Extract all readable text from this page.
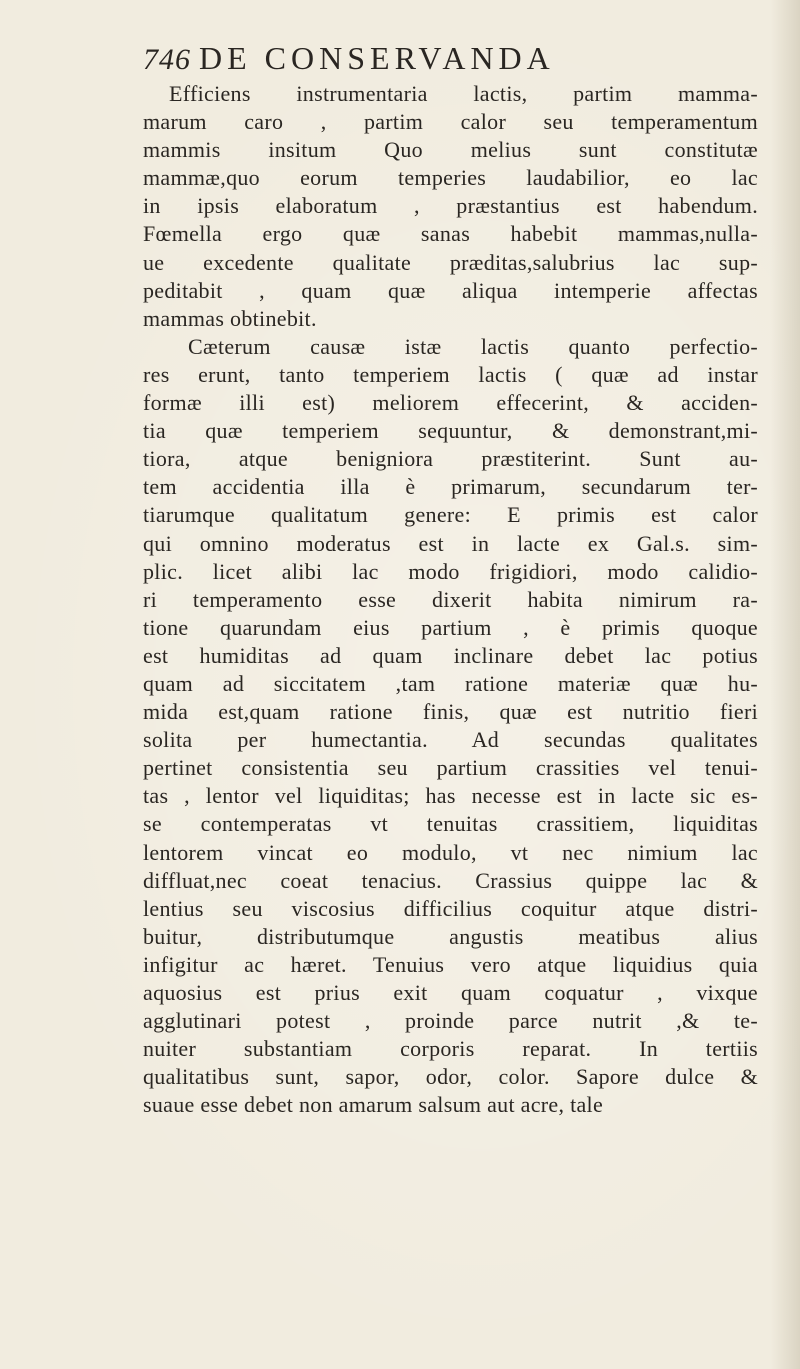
746 DE CONSERVANDA
Efficiens instrumentaria lactis, partim mamma-
marum caro , partim calor seu temperamentum
mammis insitum Quo melius sunt constitutæ
mammæ,quo eorum temperies laudabilior, eo lac
in ipsis elaboratum , præstantius est habendum.
Fœmella ergo quæ sanas habebit mammas,nulla-
ue excedente qualitate præditas,salubrius lac sup-
peditabit , quam quæ aliqua intemperie affectas
mammas obtinebit.
Cæterum causæ istæ lactis quanto perfectio-
res erunt, tanto temperiem lactis ( quæ ad instar
formæ illi est) meliorem effecerint, & acciden-
tia quæ temperiem sequuntur, & demonstrant,mi-
tiora, atque benigniora præstiterint. Sunt au-
tem accidentia illa è primarum, secundarum ter-
tiarumque qualitatum genere: E primis est calor
qui omnino moderatus est in lacte ex Gal.s. sim-
plic. licet alibi lac modo frigidiori, modo calidio-
ri temperamento esse dixerit habita nimirum ra-
tione quarundam eius partium , è primis quoque
est humiditas ad quam inclinare debet lac potius
quam ad siccitatem ,tam ratione materiæ quæ hu-
mida est,quam ratione finis, quæ est nutritio fieri
solita per humectantia. Ad secundas qualitates
pertinet consistentia seu partium crassities vel tenui-
tas , lentor vel liquiditas; has necesse est in lacte sic es-
se contemperatas vt tenuitas crassitiem, liquiditas
lentorem vincat eo modulo, vt nec nimium lac
diffluat,nec coeat tenacius. Crassius quippe lac &
lentius seu viscosius difficilius coquitur atque distri-
buitur, distributumque angustis meatibus alius
infigitur ac hæret. Tenuius vero atque liquidius quia
aquosius est prius exit quam coquatur , vixque
agglutinari potest , proinde parce nutrit ,& te-
nuiter substantiam corporis reparat. In tertiis
qualitatibus sunt, sapor, odor, color. Sapore dulce &
suaue esse debet non amarum salsum aut acre, tale
